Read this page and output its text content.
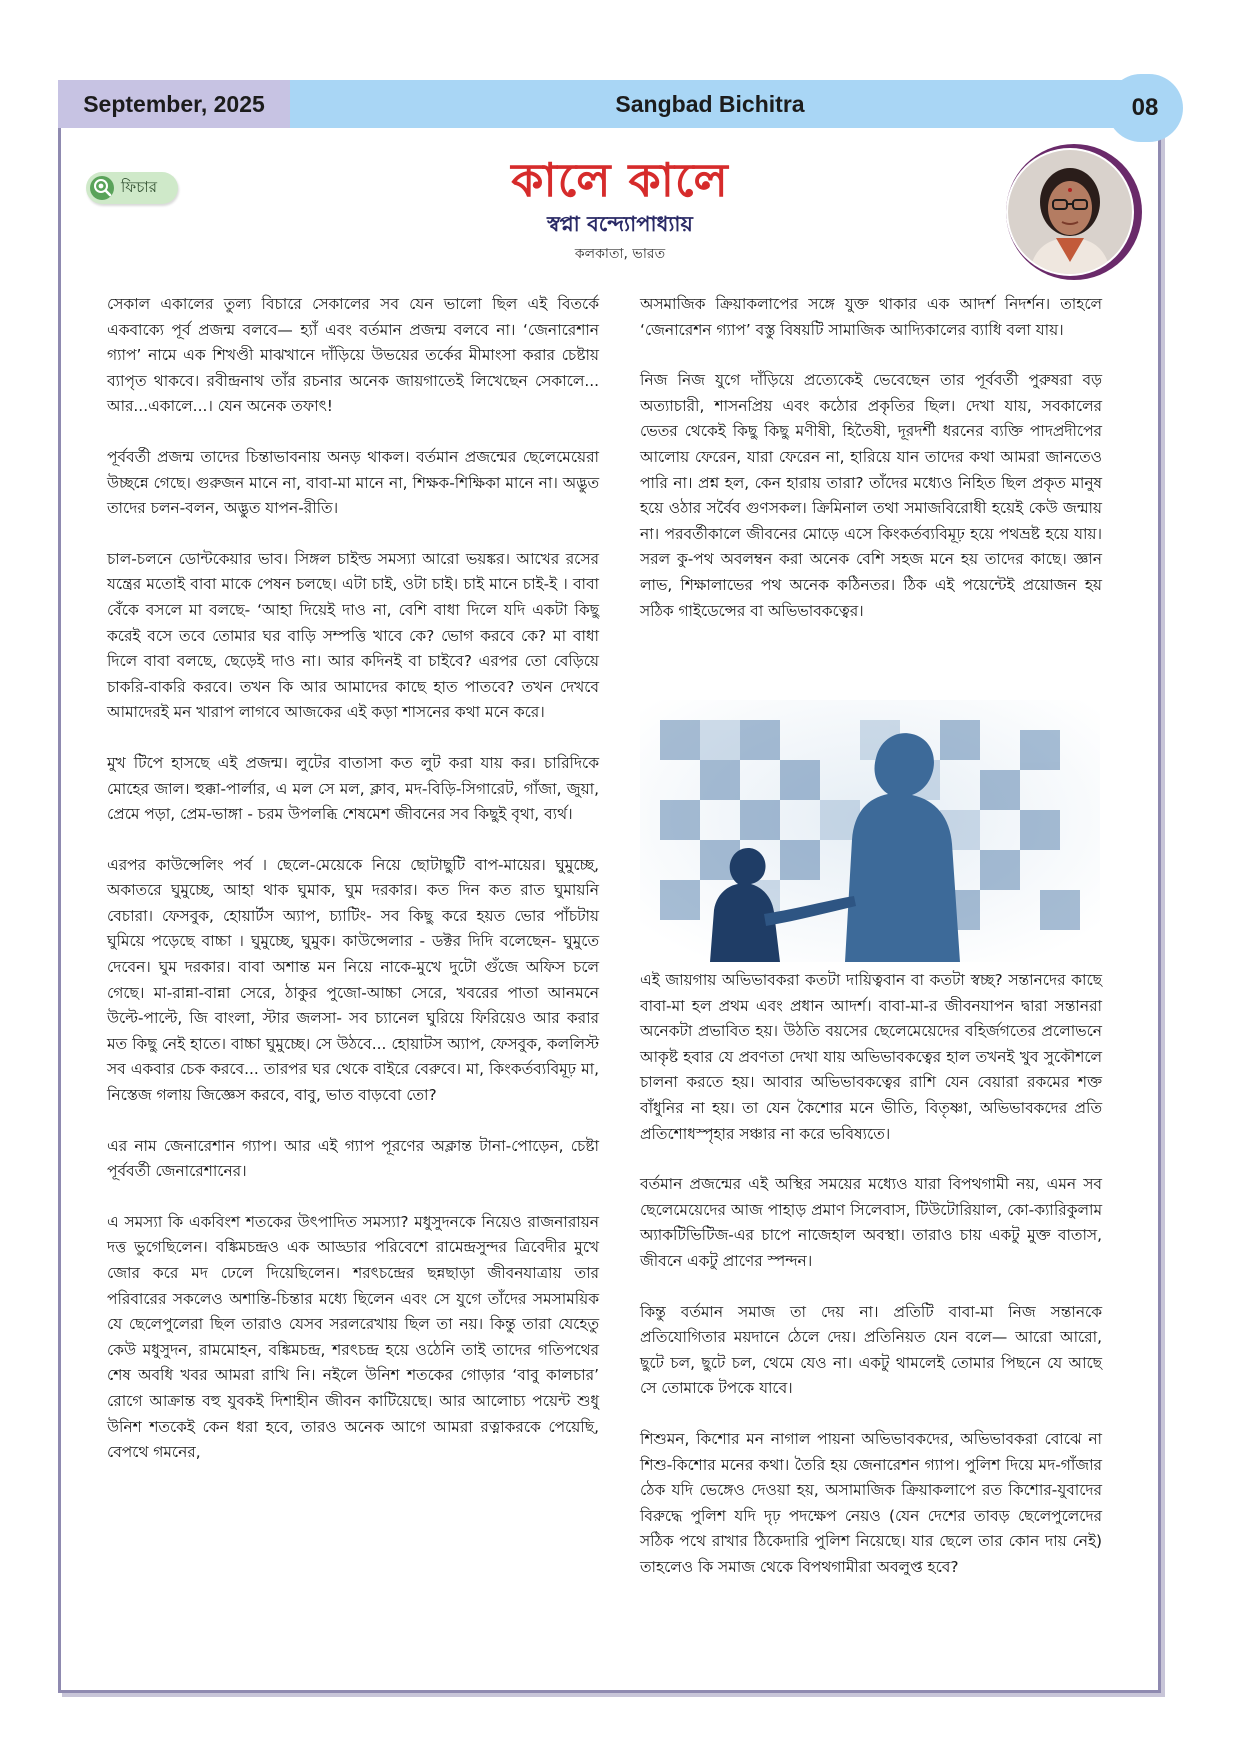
September, 2025	Sangbad Bichitra	08
ফিচার	কালে কালে
স্বপ্না বন্দ্যোপাধ্যায়
কলকাতা, ভারত

সেকাল একালের তুল্য বিচারে সেকালের সব যেন ভালো ছিল এই বিতর্কে একবাক্যে পূর্ব প্রজন্ম বলবে— হ্যাঁ এবং বর্তমান প্রজন্ম বলবে না। ‘জেনারেশান গ্যাপ’ নামে এক শিখণ্ডী মাঝখানে দাঁড়িয়ে উভয়ের তর্কের মীমাংসা করার চেষ্টায় ব্যাপৃত থাকবে। রবীন্দ্রনাথ তাঁর রচনার অনেক জায়গাতেই লিখেছেন সেকালে... আর...একালে...। যেন অনেক তফাৎ!

পূর্ববর্তী প্রজন্ম তাদের চিন্তাভাবনায় অনড় থাকল। বর্তমান প্রজন্মের ছেলেমেয়েরা উচ্ছন্নে গেছে। গুরুজন মানে না, বাবা-মা মানে না, শিক্ষক-শিক্ষিকা মানে না। অদ্ভুত তাদের চলন-বলন, অদ্ভুত যাপন-রীতি।

চাল-চলনে ডোন্টকেয়ার ভাব। সিঙ্গল চাইল্ড সমস্যা আরো ভয়ঙ্কর। আখের রসের যন্ত্রের মতোই বাবা মাকে পেষন চলছে। এটা চাই, ওটা চাই। চাই মানে চাই-ই । বাবা বেঁকে বসলে মা বলছে- ‘আহা দিয়েই দাও না, বেশি বাধা দিলে যদি একটা কিছু করেই বসে তবে তোমার ঘর বাড়ি সম্পত্তি খাবে কে? ভোগ করবে কে? মা বাধা দিলে বাবা বলছে, ছেড়েই দাও না। আর কদিনই বা চাইবে? এরপর তো বেড়িয়ে চাকরি-বাকরি করবে। তখন কি আর আমাদের কাছে হাত পাতবে? তখন দেখবে আমাদেরই মন খারাপ লাগবে আজকের এই কড়া শাসনের কথা মনে করে।

মুখ টিপে হাসছে এই প্রজন্ম। লুটের বাতাসা কত লুট করা যায় কর। চারিদিকে মোহের জাল। হুক্কা-পার্লার, এ মল সে মল, ক্লাব, মদ-বিড়ি-সিগারেট, গাঁজা, জুয়া, প্রেমে পড়া, প্রেম-ভাঙ্গা - চরম উপলব্ধি শেষমেশ জীবনের সব কিছুই বৃথা, ব্যর্থ।

এরপর কাউন্সেলিং পর্ব । ছেলে-মেয়েকে নিয়ে ছোটাছুটি বাপ-মায়ের। ঘুমুচ্ছে, অকাতরে ঘুমুচ্ছে, আহা থাক ঘুমাক, ঘুম দরকার। কত দিন কত রাত ঘুমায়নি বেচারা। ফেসবুক, হোয়ার্টস অ্যাপ, চ্যাটিং- সব কিছু করে হয়ত ভোর পাঁচটায় ঘুমিয়ে পড়েছে বাচ্চা । ঘুমুচ্ছে, ঘুমুক। কাউন্সেলার - ডক্টর দিদি বলেছেন- ঘুমুতে দেবেন। ঘুম দরকার। বাবা অশান্ত মন নিয়ে নাকে-মুখে দুটো গুঁজে অফিস চলে গেছে। মা-রান্না-বান্না সেরে, ঠাকুর পুজো-আচ্চা সেরে, খবরের পাতা আনমনে উল্টে-পাল্টে, জি বাংলা, স্টার জলসা- সব চ্যানেল ঘুরিয়ে ফিরিয়েও আর করার মত কিছু নেই হাতে। বাচ্চা ঘুমুচ্ছে। সে উঠবে... হোয়াটস অ্যাপ, ফেসবুক, কললিস্ট সব একবার চেক করবে... তারপর ঘর থেকে বাইরে বেরুবে। মা, কিংকর্তব্যবিমূঢ় মা, নিস্তেজ গলায় জিজ্ঞেস করবে, বাবু, ভাত বাড়বো তো?

এর নাম জেনারেশান গ্যাপ। আর এই গ্যাপ পূরণের অক্লান্ত টানা-পোড়েন, চেষ্টা পূর্ববর্তী জেনারেশানের।

এ সমস্যা কি একবিংশ শতকের উৎপাদিত সমস্যা? মধুসুদনকে নিয়েও রাজনারায়ন দত্ত ভুগেছিলেন। বঙ্কিমচন্দ্রও এক আড্ডার পরিবেশে রামেন্দ্রসুন্দর ত্রিবেদীর মুখে জোর করে মদ ঢেলে দিয়েছিলেন। শরৎচন্দ্রের ছন্নছাড়া জীবনযাত্রায় তার পরিবারের সকলেও অশান্তি-চিন্তার মধ্যে ছিলেন এবং সে যুগে তাঁদের সমসাময়িক যে ছেলেপুলেরা ছিল তারাও যেসব সরলরেখায় ছিল তা নয়। কিন্তু তারা যেহেতু কেউ মধুসুদন, রামমোহন, বঙ্কিমচন্দ্র, শরৎচন্দ্র হয়ে ওঠেনি তাই তাদের গতিপথের শেষ অবধি খবর আমরা রাখি নি। নইলে উনিশ শতকের গোড়ার ‘বাবু কালচার’ রোগে আক্রান্ত বহু যুবকই দিশাহীন জীবন কাটিয়েছে। আর আলোচ্য পয়েন্ট শুধু উনিশ শতকেই কেন ধরা হবে, তারও অনেক আগে আমরা রত্নাকরকে পেয়েছি, বেপথে গমনের,

অসমাজিক ক্রিয়াকলাপের সঙ্গে যুক্ত থাকার এক আদর্শ নিদর্শন। তাহলে ‘জেনারেশন গ্যাপ’ বস্তু বিষয়টি সামাজিক আদ্যিকালের ব্যাধি বলা যায়।

নিজ নিজ যুগে দাঁড়িয়ে প্রত্যেকেই ভেবেছেন তার পূর্ববর্তী পুরুষরা বড় অত্যাচারী, শাসনপ্রিয় এবং কঠোর প্রকৃতির ছিল। দেখা যায়, সবকালের ভেতর থেকেই কিছু কিছু মণীষী, হিতৈষী, দূরদর্শী ধরনের ব্যক্তি পাদপ্রদীপের আলোয় ফেরেন, যারা ফেরেন না, হারিয়ে যান তাদের কথা আমরা জানতেও পারি না। প্রশ্ন হল, কেন হারায় তারা? তাঁদের মধ্যেও নিহিত ছিল প্রকৃত মানুষ হয়ে ওঠার সর্বৈব গুণসকল। ক্রিমিনাল তথা সমাজবিরোধী হয়েই কেউ জন্মায় না। পরবর্তীকালে জীবনের মোড়ে এসে কিংকর্তব্যবিমূঢ় হয়ে পথভ্রষ্ট হয়ে যায়। সরল কু-পথ অবলম্বন করা অনেক বেশি সহজ মনে হয় তাদের কাছে। জ্ঞান লাভ, শিক্ষালাভের পথ অনেক কঠিনতর। ঠিক এই পয়েন্টেই প্রয়োজন হয় সঠিক গাইডেন্সের বা অভিভাবকত্বের।

এই জায়গায় অভিভাবকরা কতটা দায়িত্ববান বা কতটা স্বচ্ছ? সন্তানদের কাছে বাবা-মা হল প্রথম এবং প্রধান আদর্শ। বাবা-মা-র জীবনযাপন দ্বারা সন্তানরা অনেকটা প্রভাবিত হয়। উঠতি বয়সের ছেলেমেয়েদের বহির্জগতের প্রলোভনে আকৃষ্ট হবার যে প্রবণতা দেখা যায় অভিভাবকত্বের হাল তখনই খুব সুকৌশলে চালনা করতে হয়। আবার অভিভাবকত্বের রাশি যেন বেয়ারা রকমের শক্ত বাঁধুনির না হয়। তা যেন কৈশোর মনে ভীতি, বিতৃষ্ণা, অভিভাবকদের প্রতি প্রতিশোধস্পৃহার সঞ্চার না করে ভবিষ্যতে।

বর্তমান প্রজন্মের এই অস্থির সময়ের মধ্যেও যারা বিপথগামী নয়, এমন সব ছেলেমেয়েদের আজ পাহাড় প্রমাণ সিলেবাস, টিউটোরিয়াল, কো-ক্যারিকুলাম অ্যাকটিভিটিজ-এর চাপে নাজেহাল অবস্থা। তারাও চায় একটু মুক্ত বাতাস, জীবনে একটু প্রাণের স্পন্দন।

কিন্তু বর্তমান সমাজ তা দেয় না। প্রতিটি বাবা-মা নিজ সন্তানকে প্রতিযোগিতার ময়দানে ঠেলে দেয়। প্রতিনিয়ত যেন বলে— আরো আরো, ছুটে চল, ছুটে চল, থেমে যেও না। একটু থামলেই তোমার পিছনে যে আছে সে তোমাকে টপকে যাবে।

শিশুমন, কিশোর মন নাগাল পায়না অভিভাবকদের, অভিভাবকরা বোঝে না শিশু-কিশোর মনের কথা। তৈরি হয় জেনারেশন গ্যাপ। পুলিশ দিয়ে মদ-গাঁজার ঠেক যদি ভেঙ্গেও দেওয়া হয়, অসামাজিক ক্রিয়াকলাপে রত কিশোর-যুবাদের বিরুদ্ধে পুলিশ যদি দৃঢ় পদক্ষেপ নেয়ও (যেন দেশের তাবড় ছেলেপুলেদের সঠিক পথে রাখার ঠিকেদারি পুলিশ নিয়েছে। যার ছেলে তার কোন দায় নেই) তাহলেও কি সমাজ থেকে বিপথগামীরা অবলুপ্ত হবে?
